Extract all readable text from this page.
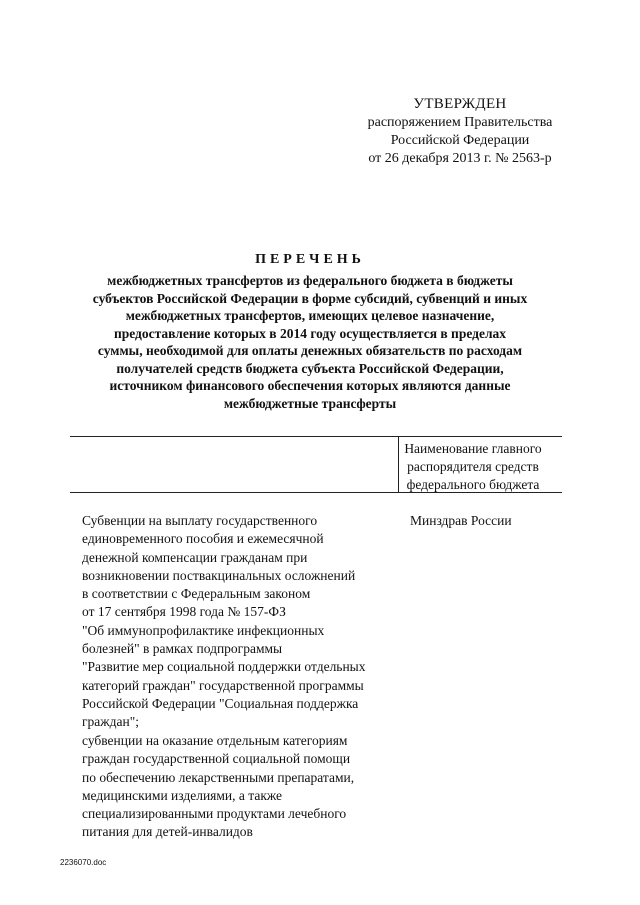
УТВЕРЖДЕН
распоряжением Правительства
Российской Федерации
от 26 декабря 2013 г. № 2563-р
ПЕРЕЧЕНЬ
межбюджетных трансфертов из федерального бюджета в бюджеты
субъектов Российской Федерации в форме субсидий, субвенций и иных
межбюджетных трансфертов, имеющих целевое назначение,
предоставление которых в 2014 году осуществляется в пределах
суммы, необходимой для оплаты денежных обязательств по расходам
получателей средств бюджета субъекта Российской Федерации,
источником финансового обеспечения которых являются данные
межбюджетные трансферты
Наименование главного
распорядителя средств
федерального бюджета
Субвенции на выплату государственного
единовременного пособия и ежемесячной
денежной компенсации гражданам при
возникновении поствакцинальных осложнений
в соответствии с Федеральным законом
от 17 сентября 1998 года № 157-ФЗ
"Об иммунопрофилактике инфекционных
болезней" в рамках подпрограммы
"Развитие мер социальной поддержки отдельных
категорий граждан" государственной программы
Российской Федерации "Социальная поддержка
граждан";
субвенции на оказание отдельным категориям
граждан государственной социальной помощи
по обеспечению лекарственными препаратами,
медицинскими изделиями, а также
специализированными продуктами лечебного
питания для детей-инвалидов
Минздрав России
2236070.doc
